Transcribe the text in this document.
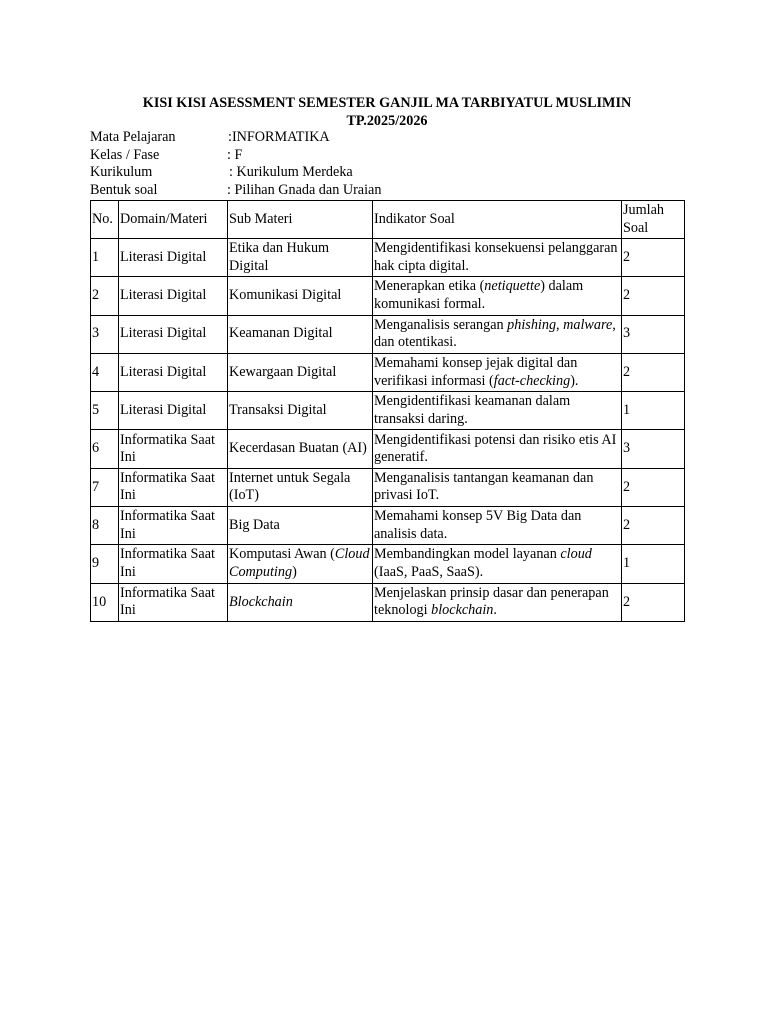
KISI KISI ASESSMENT SEMESTER GANJIL MA TARBIYATUL MUSLIMIN
TP.2025/2026
Mata Pelajaran	:INFORMATIKA
Kelas / Fase	: F
Kurikulum	: Kurikulum Merdeka
Bentuk soal	: Pilihan Gnada dan Uraian
No.	Domain/Materi	Sub Materi	Indikator Soal	Jumlah Soal
1	Literasi Digital	Etika dan Hukum Digital	Mengidentifikasi konsekuensi pelanggaran hak cipta digital.	2
2	Literasi Digital	Komunikasi Digital	Menerapkan etika (netiquette) dalam komunikasi formal.	2
3	Literasi Digital	Keamanan Digital	Menganalisis serangan phishing, malware, dan otentikasi.	3
4	Literasi Digital	Kewargaan Digital	Memahami konsep jejak digital dan verifikasi informasi (fact-checking).	2
5	Literasi Digital	Transaksi Digital	Mengidentifikasi keamanan dalam transaksi daring.	1
6	Informatika Saat Ini	Kecerdasan Buatan (AI)	Mengidentifikasi potensi dan risiko etis AI generatif.	3
7	Informatika Saat Ini	Internet untuk Segala (IoT)	Menganalisis tantangan keamanan dan privasi IoT.	2
8	Informatika Saat Ini	Big Data	Memahami konsep 5V Big Data dan analisis data.	2
9	Informatika Saat Ini	Komputasi Awan (Cloud Computing)	Membandingkan model layanan cloud (IaaS, PaaS, SaaS).	1
10	Informatika Saat Ini	Blockchain	Menjelaskan prinsip dasar dan penerapan teknologi blockchain.	2
